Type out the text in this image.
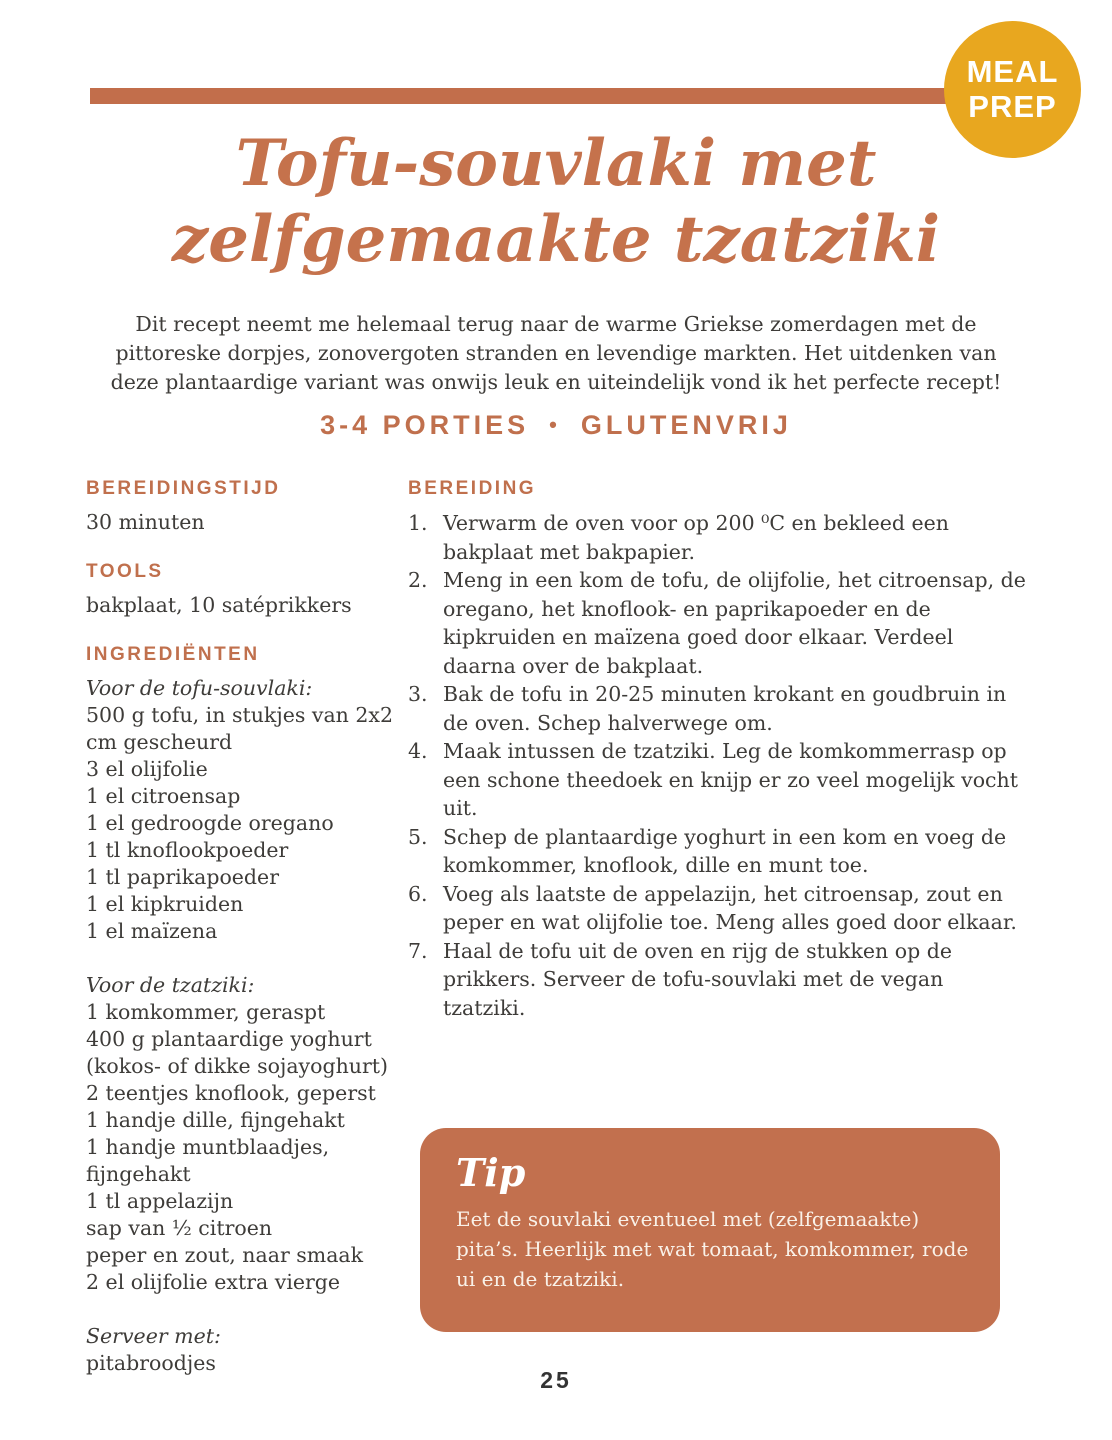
MEAL
PREP
Tofu-souvlaki met
zelfgemaakte tzatziki

Dit recept neemt me helemaal terug naar de warme Griekse zomerdagen met de pittoreske dorpjes, zonovergoten stranden en levendige markten. Het uitdenken van deze plantaardige variant was onwijs leuk en uiteindelijk vond ik het perfecte recept!

3-4 PORTIES • GLUTENVRIJ
BEREIDINGSTIJD

30 minuten

TOOLS

bakplaat, 10 satéprikkers

INGREDIËNTEN

Voor de tofu-souvlaki:

500 g tofu, in stukjes van 2x2 cm gescheurd
3 el olijfolie
1 el citroensap
1 el gedroogde oregano
1 tl knoflookpoeder
1 tl paprikapoeder
1 el kipkruiden
1 el maïzena

Voor de tzatziki:

1 komkommer, geraspt
400 g plantaardige yoghurt (kokos- of dikke sojayoghurt)
2 teentjes knoflook, geperst
1 handje dille, fijngehakt
1 handje muntblaadjes, fijngehakt
1 tl appelazijn
sap van ½ citroen
peper en zout, naar smaak
2 el olijfolie extra vierge

Serveer met:

pitabroodjes
BEREIDING
1. Verwarm de oven voor op 200 ⁰C en bekleed een bakplaat met bakpapier.
2. Meng in een kom de tofu, de olijfolie, het citroensap, de oregano, het knoflook- en paprikapoeder en de kipkruiden en maïzena goed door elkaar. Verdeel daarna over de bakplaat.
3. Bak de tofu in 20-25 minuten krokant en goudbruin in de oven. Schep halverwege om.
4. Maak intussen de tzatziki. Leg de komkommerrasp op een schone theedoek en knijp er zo veel mogelijk vocht uit.
5. Schep de plantaardige yoghurt in een kom en voeg de komkommer, knoflook, dille en munt toe.
6. Voeg als laatste de appelazijn, het citroensap, zout en peper en wat olijfolie toe. Meng alles goed door elkaar.
7. Haal de tofu uit de oven en rijg de stukken op de prikkers. Serveer de tofu-souvlaki met de vegan tzatziki.
Tip

Eet de souvlaki eventueel met (zelfgemaakte) pita’s. Heerlijk met wat tomaat, komkommer, rode ui en de tzatziki.

25
